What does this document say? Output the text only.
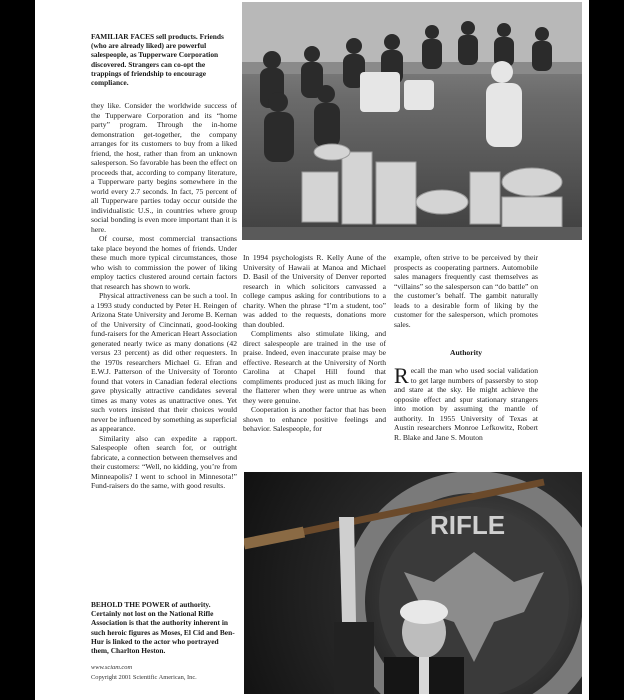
RIFLE
FAMILIAR FACES sell products. Friends (who are already liked) are powerful salespeople, as Tupperware Corporation discovered. Strangers can co-opt the trappings of friendship to encourage compliance.

they like. Consider the worldwide success of the Tupperware Corporation and its “home party” program. Through the in-home demonstration get-together, the company arranges for its customers to buy from a liked friend, the host, rather than from an unknown salesperson. So favorable has been the effect on proceeds that, according to company literature, a Tupperware party begins somewhere in the world every 2.7 seconds. In fact, 75 percent of all Tupperware parties today occur outside the individualistic U.S., in countries where group social bonding is even more important than it is here.

Of course, most commercial transactions take place beyond the homes of friends. Under these much more typical circumstances, those who wish to commission the power of liking employ tactics clustered around certain factors that research has shown to work.

Physical attractiveness can be such a tool. In a 1993 study conducted by Peter H. Reingen of Arizona State University and Jerome B. Kernan of the University of Cincinnati, good-looking fund-raisers for the American Heart Association generated nearly twice as many donations (42 versus 23 percent) as did other requesters. In the 1970s researchers Michael G. Efran and E.W.J. Patterson of the University of Toronto found that voters in Canadian federal elections gave physically attractive candidates several times as many votes as unattractive ones. Yet such voters insisted that their choices would never be influenced by something as superficial as appearance.

Similarity also can expedite a rapport. Salespeople often search for, or outright fabricate, a connection between themselves and their customers: “Well, no kidding, you’re from Minneapolis? I went to school in Minnesota!” Fund-raisers do the same, with good results.

BEHOLD THE POWER of authority. Certainly not lost on the National Rifle Association is that the authority inherent in such heroic figures as Moses, El Cid and Ben-Hur is linked to the actor who portrayed them, Charlton Heston.

In 1994 psychologists R. Kelly Aune of the University of Hawaii at Manoa and Michael D. Basil of the University of Denver reported research in which solicitors canvassed a college campus asking for contributions to a charity. When the phrase “I’m a student, too” was added to the requests, donations more than doubled.

Compliments also stimulate liking, and direct salespeople are trained in the use of praise. Indeed, even inaccurate praise may be effective. Research at the University of North Carolina at Chapel Hill found that compliments produced just as much liking for the flatterer when they were untrue as when they were genuine.

Cooperation is another factor that has been shown to enhance positive feelings and behavior. Salespeople, for

example, often strive to be perceived by their prospects as cooperating partners. Automobile sales managers frequently cast themselves as “villains” so the salesperson can “do battle” on the customer’s behalf. The gambit naturally leads to a desirable form of liking by the customer for the salesperson, which promotes sales.

Authority
Recall the man who used social validation to get large numbers of passersby to stop and stare at the sky. He might achieve the opposite effect and spur stationary strangers into motion by assuming the mantle of authority. In 1955 University of Texas at Austin researchers Monroe Lefkowitz, Robert R. Blake and Jane S. Mouton
www.sciam.com
Copyright 2001 Scientific American, Inc.
